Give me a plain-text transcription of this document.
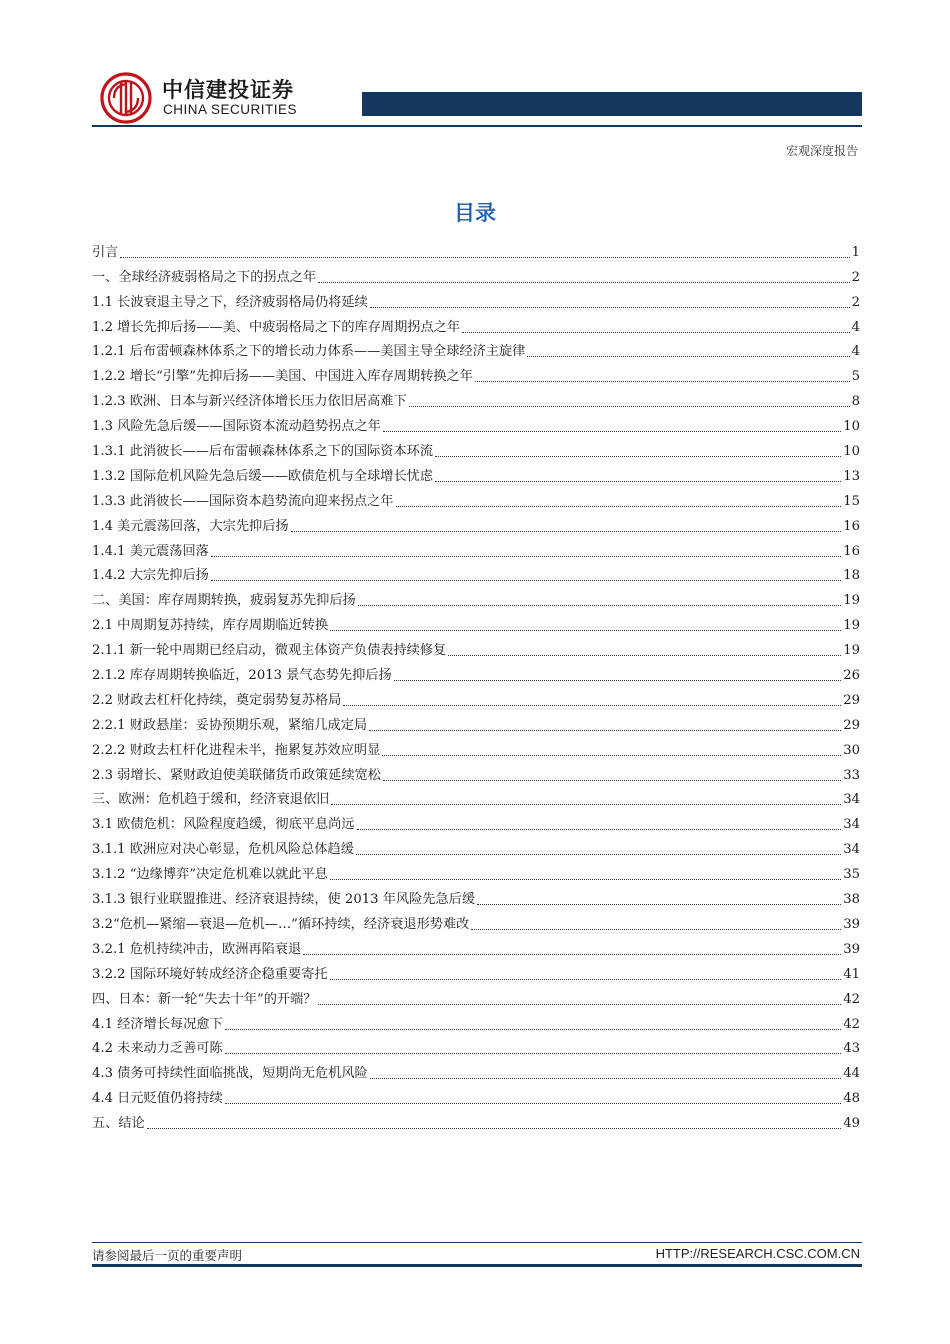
中信建投证券
CHINA SECURITIES
宏观深度报告
目录
引言	1
一、全球经济疲弱格局之下的拐点之年	2
1.1 长波衰退主导之下，经济疲弱格局仍将延续	2
1.2 增长先抑后扬——美、中疲弱格局之下的库存周期拐点之年	4
1.2.1 后布雷顿森林体系之下的增长动力体系——美国主导全球经济主旋律	4
1.2.2 增长“引擎”先抑后扬——美国、中国进入库存周期转换之年	5
1.2.3 欧洲、日本与新兴经济体增长压力依旧居高难下	8
1.3 风险先急后缓——国际资本流动趋势拐点之年	10
1.3.1 此消彼长——后布雷顿森林体系之下的国际资本环流	10
1.3.2 国际危机风险先急后缓——欧债危机与全球增长忧虑	13
1.3.3 此消彼长——国际资本趋势流向迎来拐点之年	15
1.4 美元震荡回落，大宗先抑后扬	16
1.4.1 美元震荡回落	16
1.4.2 大宗先抑后扬	18
二、美国：库存周期转换，疲弱复苏先抑后扬	19
2.1 中周期复苏持续，库存周期临近转换	19
2.1.1 新一轮中周期已经启动，微观主体资产负债表持续修复	19
2.1.2 库存周期转换临近，2013 景气态势先抑后扬	26
2.2 财政去杠杆化持续，奠定弱势复苏格局	29
2.2.1 财政悬崖：妥协预期乐观，紧缩几成定局	29
2.2.2 财政去杠杆化进程未半，拖累复苏效应明显	30
2.3 弱增长、紧财政迫使美联储货币政策延续宽松	33
三、欧洲：危机趋于缓和，经济衰退依旧	34
3.1 欧债危机：风险程度趋缓，彻底平息尚远	34
3.1.1 欧洲应对决心彰显，危机风险总体趋缓	34
3.1.2 “边缘博弈”决定危机难以就此平息	35
3.1.3 银行业联盟推进、经济衰退持续，使 2013 年风险先急后缓	38
3.2“危机—紧缩—衰退—危机—…”循环持续，经济衰退形势难改	39
3.2.1 危机持续冲击，欧洲再陷衰退	39
3.2.2 国际环境好转成经济企稳重要寄托	41
四、日本：新一轮“失去十年”的开端？	42
4.1 经济增长每况愈下	42
4.2 未来动力乏善可陈	43
4.3 债务可持续性面临挑战，短期尚无危机风险	44
4.4 日元贬值仍将持续	48
五、结论	49
请参阅最后一页的重要声明	HTTP://RESEARCH.CSC.COM.CN
